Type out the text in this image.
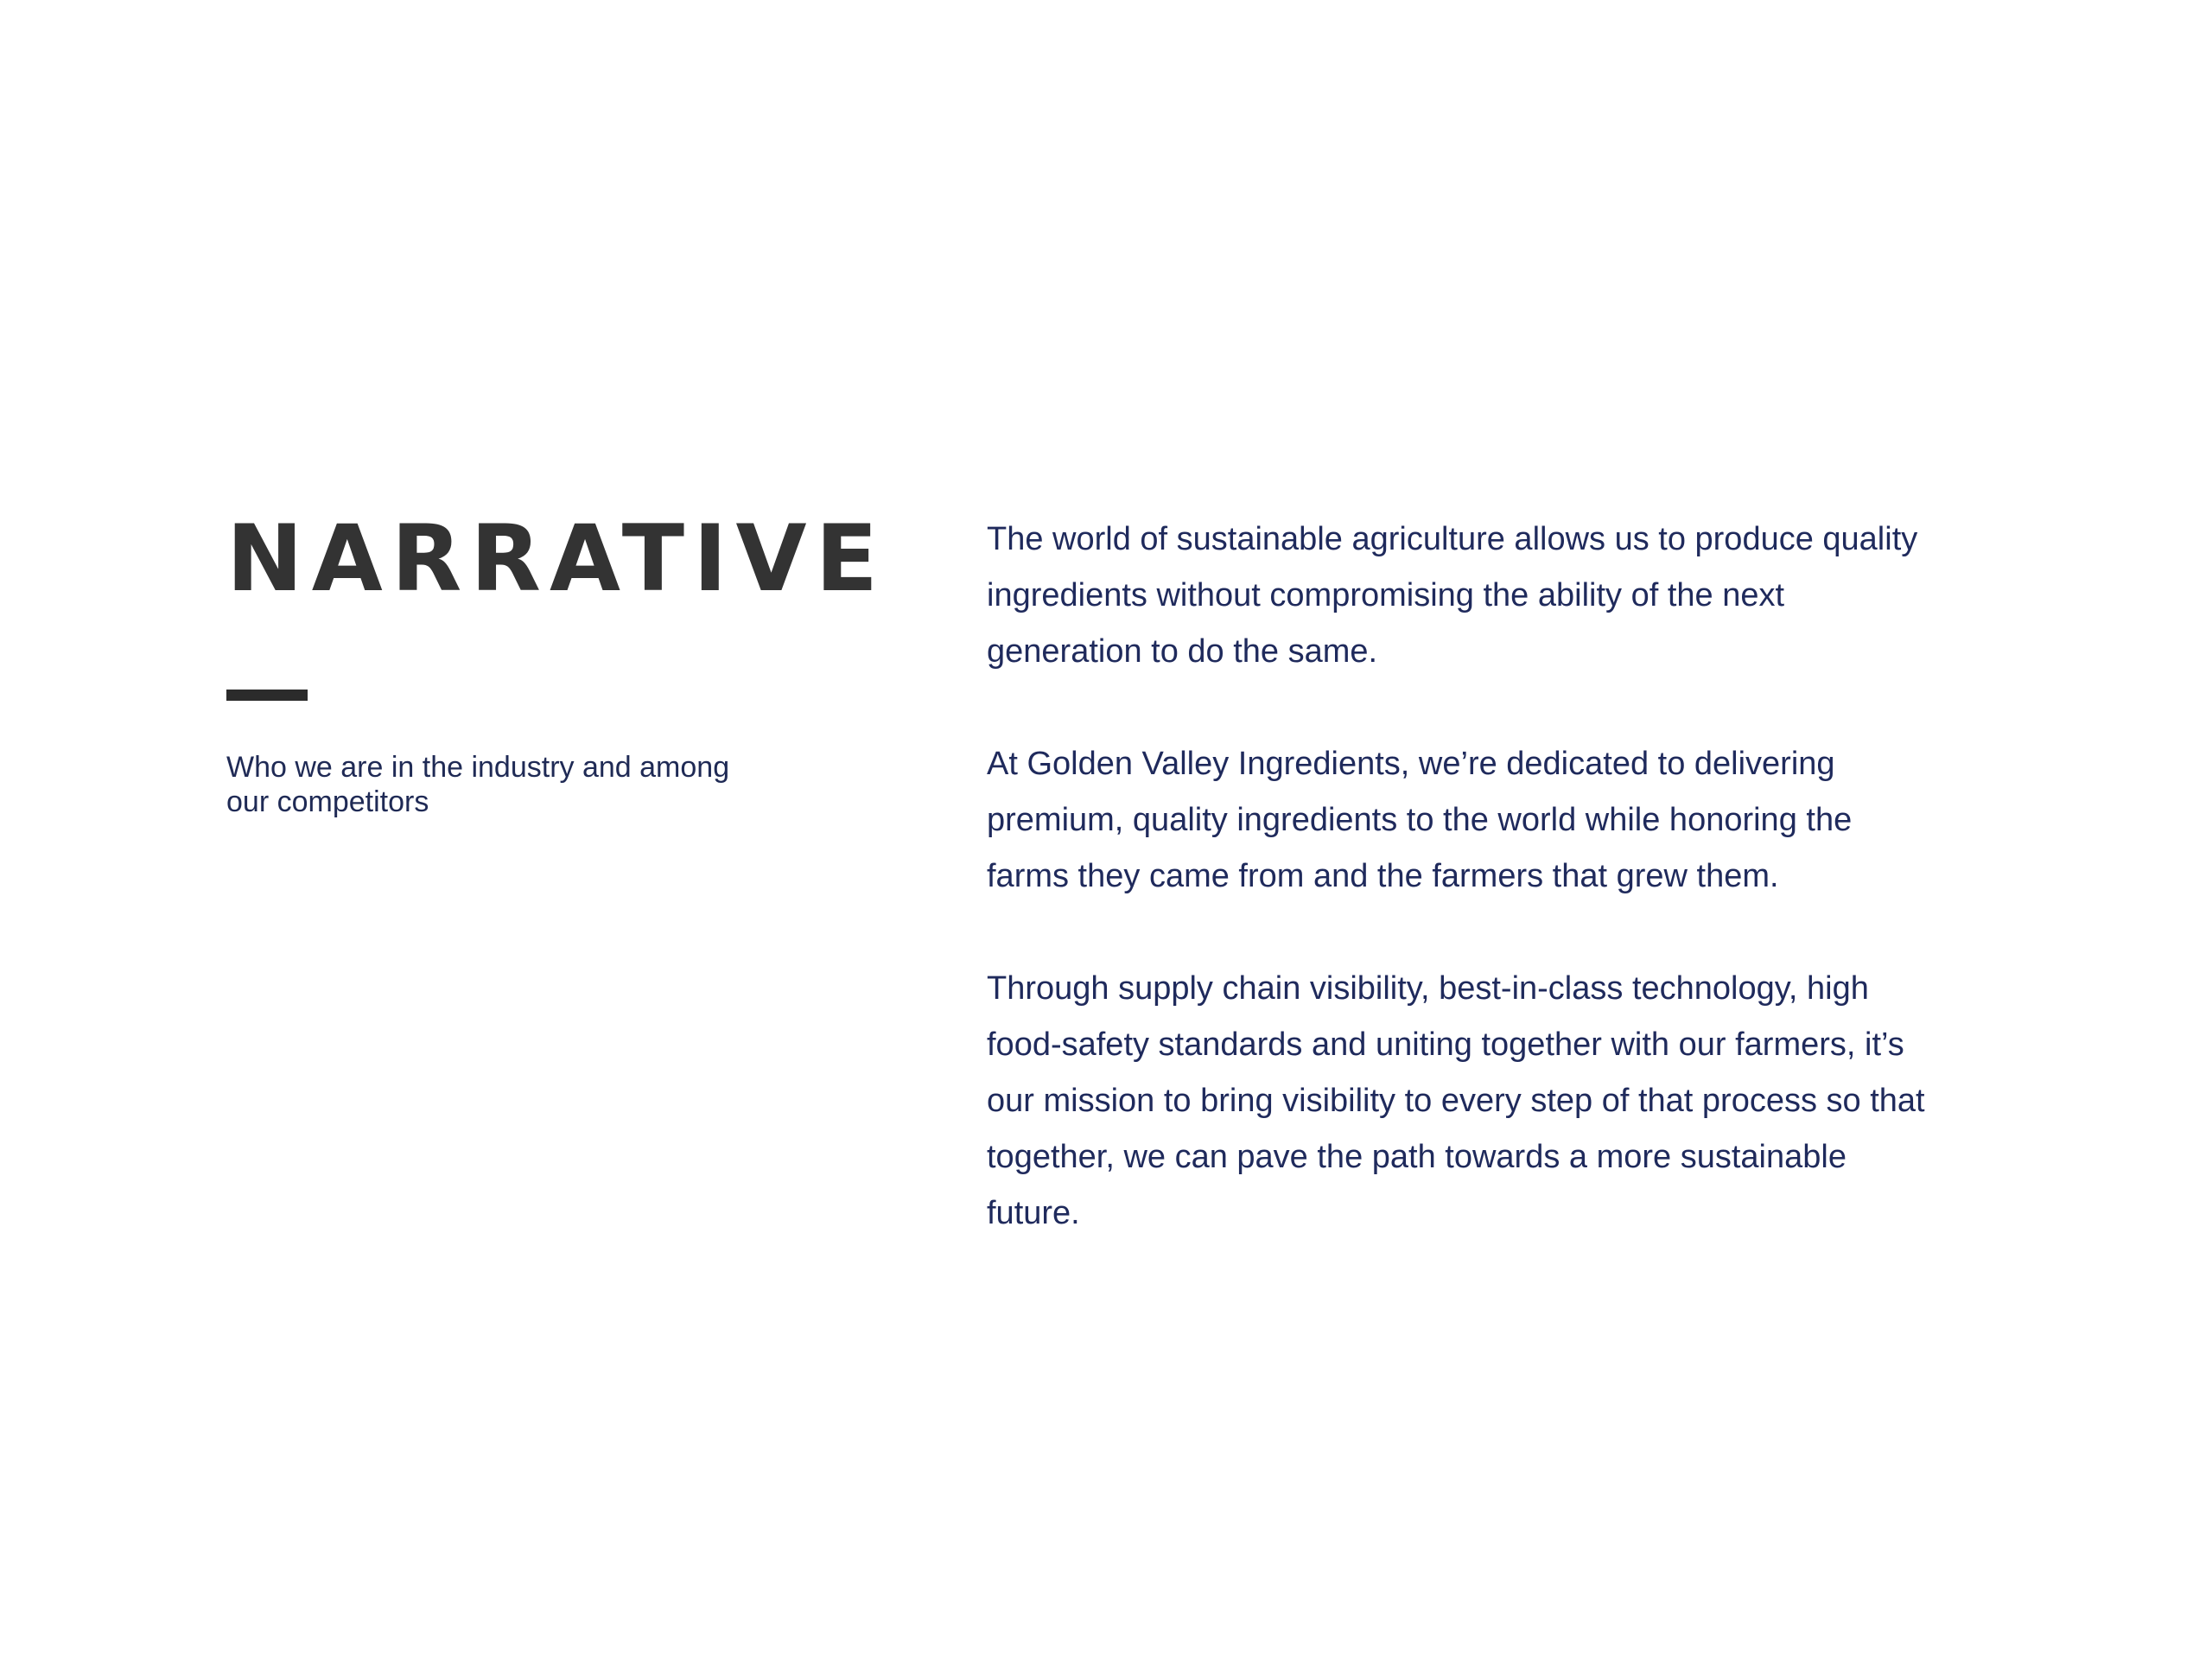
NARRATIVE

Who we are in the industry and among our competitors

The world of sustainable agriculture allows us to produce quality ingredients without compromising the ability of the next generation to do the same.

At Golden Valley Ingredients, we’re dedicated to delivering premium, quality ingredients to the world while honoring the farms they came from and the farmers that grew them.

Through supply chain visibility, best-in-class technology, high food-safety standards and uniting together with our farmers, it’s our mission to bring visibility to every step of that process so that together, we can pave the path towards a more sustainable future.
